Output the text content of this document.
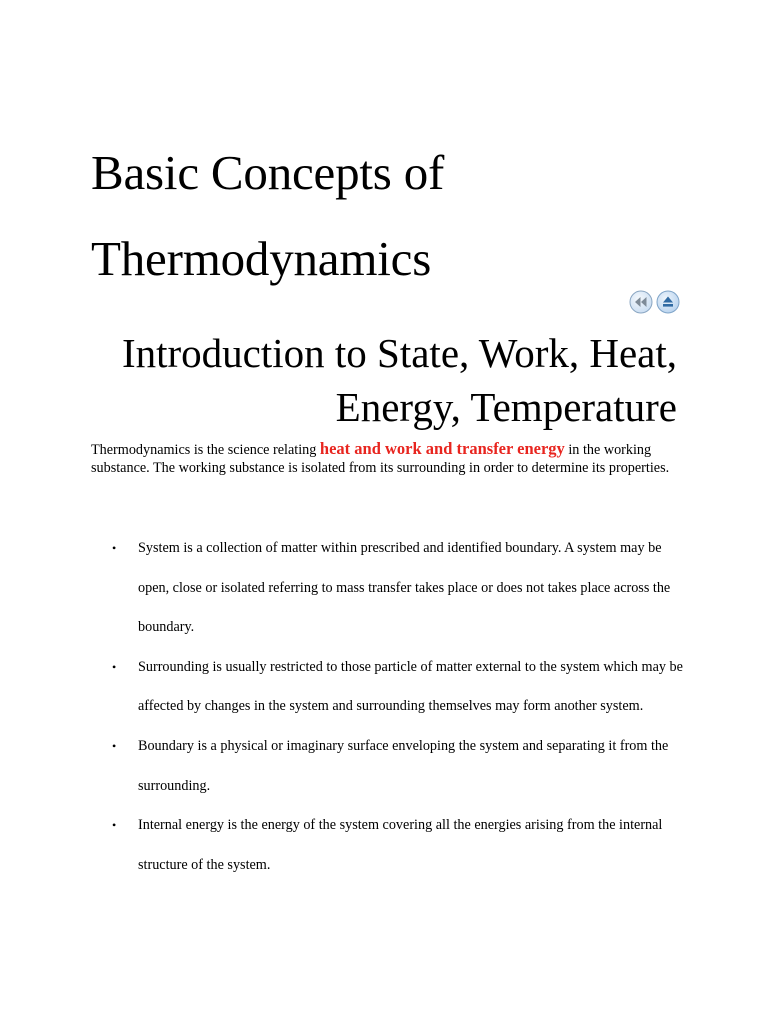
Basic Concepts of Thermodynamics
Introduction to State, Work, Heat, Energy, Temperature

Thermodynamics is the science relating heat and work and transfer energy in the working substance. The working substance is isolated from its surrounding in order to determine its properties.

•	System is a collection of matter within prescribed and identified boundary. A system may be open, close or isolated referring to mass transfer takes place or does not takes place across the boundary.
•	Surrounding is usually restricted to those particle of matter external to the system which may be affected by changes in the system and surrounding themselves may form another system.
•	Boundary is a physical or imaginary surface enveloping the system and separating it from the surrounding.
•	Internal energy is the energy of the system covering all the energies arising from the internal structure of the system.
